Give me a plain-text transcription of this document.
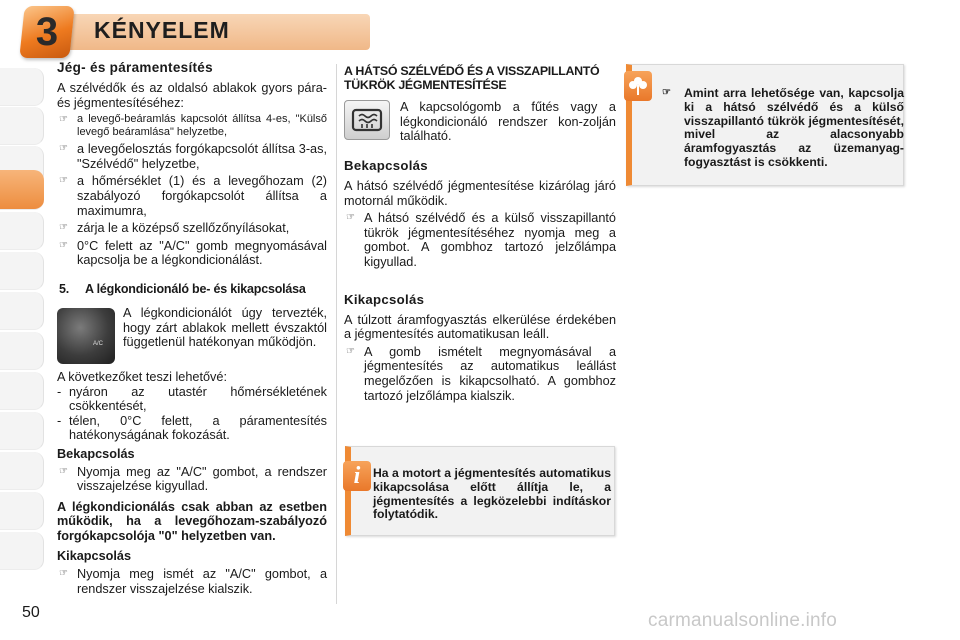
3	KÉNYELEM
Jég- és páramentesítés

A szélvédők és az oldalsó ablakok gyors pára- és jégmentesítéséhez:

☞ a levegő-beáramlás kapcsolót állítsa 4-es, "Külső levegő beáramlása" helyzetbe,
☞ a levegőelosztás forgókapcsolót állítsa 3-as, "Szélvédő" helyzetbe,
☞ a hőmérséklet (1) és a levegőhozam (2) szabályozó forgókapcsolót állítsa a maximumra,
☞ zárja le a középső szellőzőnyílásokat,
☞ 0°C felett az "A/C" gomb megnyomásával kapcsolja be a légkondicionálást.
5. A légkondicionáló be- és kikapcsolása
A/C

A légkondicionálót úgy tervezték, hogy zárt ablakok mellett évszaktól függetlenül hatékonyan működjön.

A következőket teszi lehetővé:

- nyáron az utastér hőmérsékletének csökkentését,
- télen, 0°C felett, a páramentesítés hatékonyságának fokozását.

Bekapcsolás

☞ Nyomja meg az "A/C" gombot, a rendszer visszajelzése kigyullad.

A légkondicionálás csak abban az esetben működik, ha a levegőhozam-szabályozó forgókapcsolója "0" helyzetben van.

Kikapcsolás

☞ Nyomja meg ismét az "A/C" gombot, a rendszer visszajelzése kialszik.
A HÁTSÓ SZÉLVÉDŐ ÉS A VISSZAPILLANTÓ TÜKRÖK JÉGMENTESÍTÉSE

A kapcsológomb a fűtés vagy a légkondicionáló rendszer kon-zolján található.

Bekapcsolás

A hátsó szélvédő jégmentesítése kizárólag járó motornál működik.

☞ A hátsó szélvédő és a külső visszapillantó tükrök jégmentesítéséhez nyomja meg a gombot. A gombhoz tartozó jelzőlámpa kigyullad.
Kikapcsolás

A túlzott áramfogyasztás elkerülése érdekében a jégmentesítés automatikusan leáll.

☞ A gomb ismételt megnyomásával a jégmentesítés az automatikus leállást megelőzően is kikapcsolható. A gombhoz tartozó jelzőlámpa kialszik.
☞ Amint arra lehetősége van, kapcsolja ki a hátsó szélvédő és a külső visszapillantó tükrök jégmentesítését, mivel az alacsonyabb áramfogyasztás az üzemanyag-fogyasztást is csökkenti.
i	Ha a motort a jégmentesítés automatikus kikapcsolása előtt állítja le, a jégmentesítés a legközelebbi indításkor folytatódik.
50	carmanualsonline.info
